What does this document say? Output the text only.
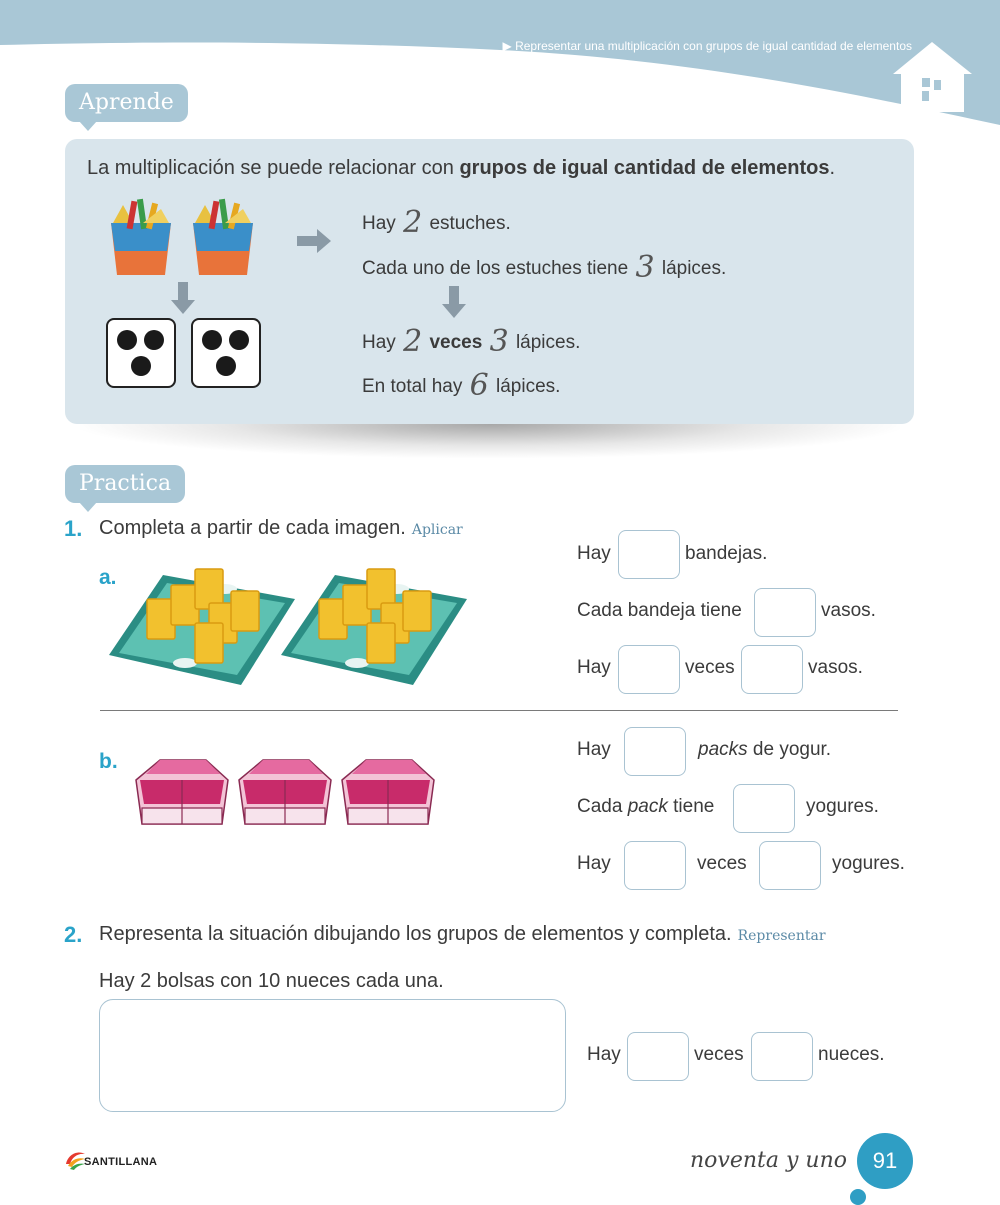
▶ Representar una multiplicación con grupos de igual cantidad de elementos
Aprende
La multiplicación se puede relacionar con grupos de igual cantidad de elementos.
Hay 2 estuches.
Cada uno de los estuches tiene 3 lápices.
Hay 2 veces 3 lápices.
En total hay 6 lápices.
Practica
1. Completa a partir de cada imagen. Aplicar
a.
Hay	bandejas.
Cada bandeja tiene	vasos.
Hay	veces	vasos.
b.
Hay	packs de yogur.
Cada pack tiene	yogures.
Hay	veces	yogures.
2. Representa la situación dibujando los grupos de elementos y completa. Representar
Hay 2 bolsas con 10 nueces cada una.
Hay	veces	nueces.
SANTILLANA	noventa y uno	91
